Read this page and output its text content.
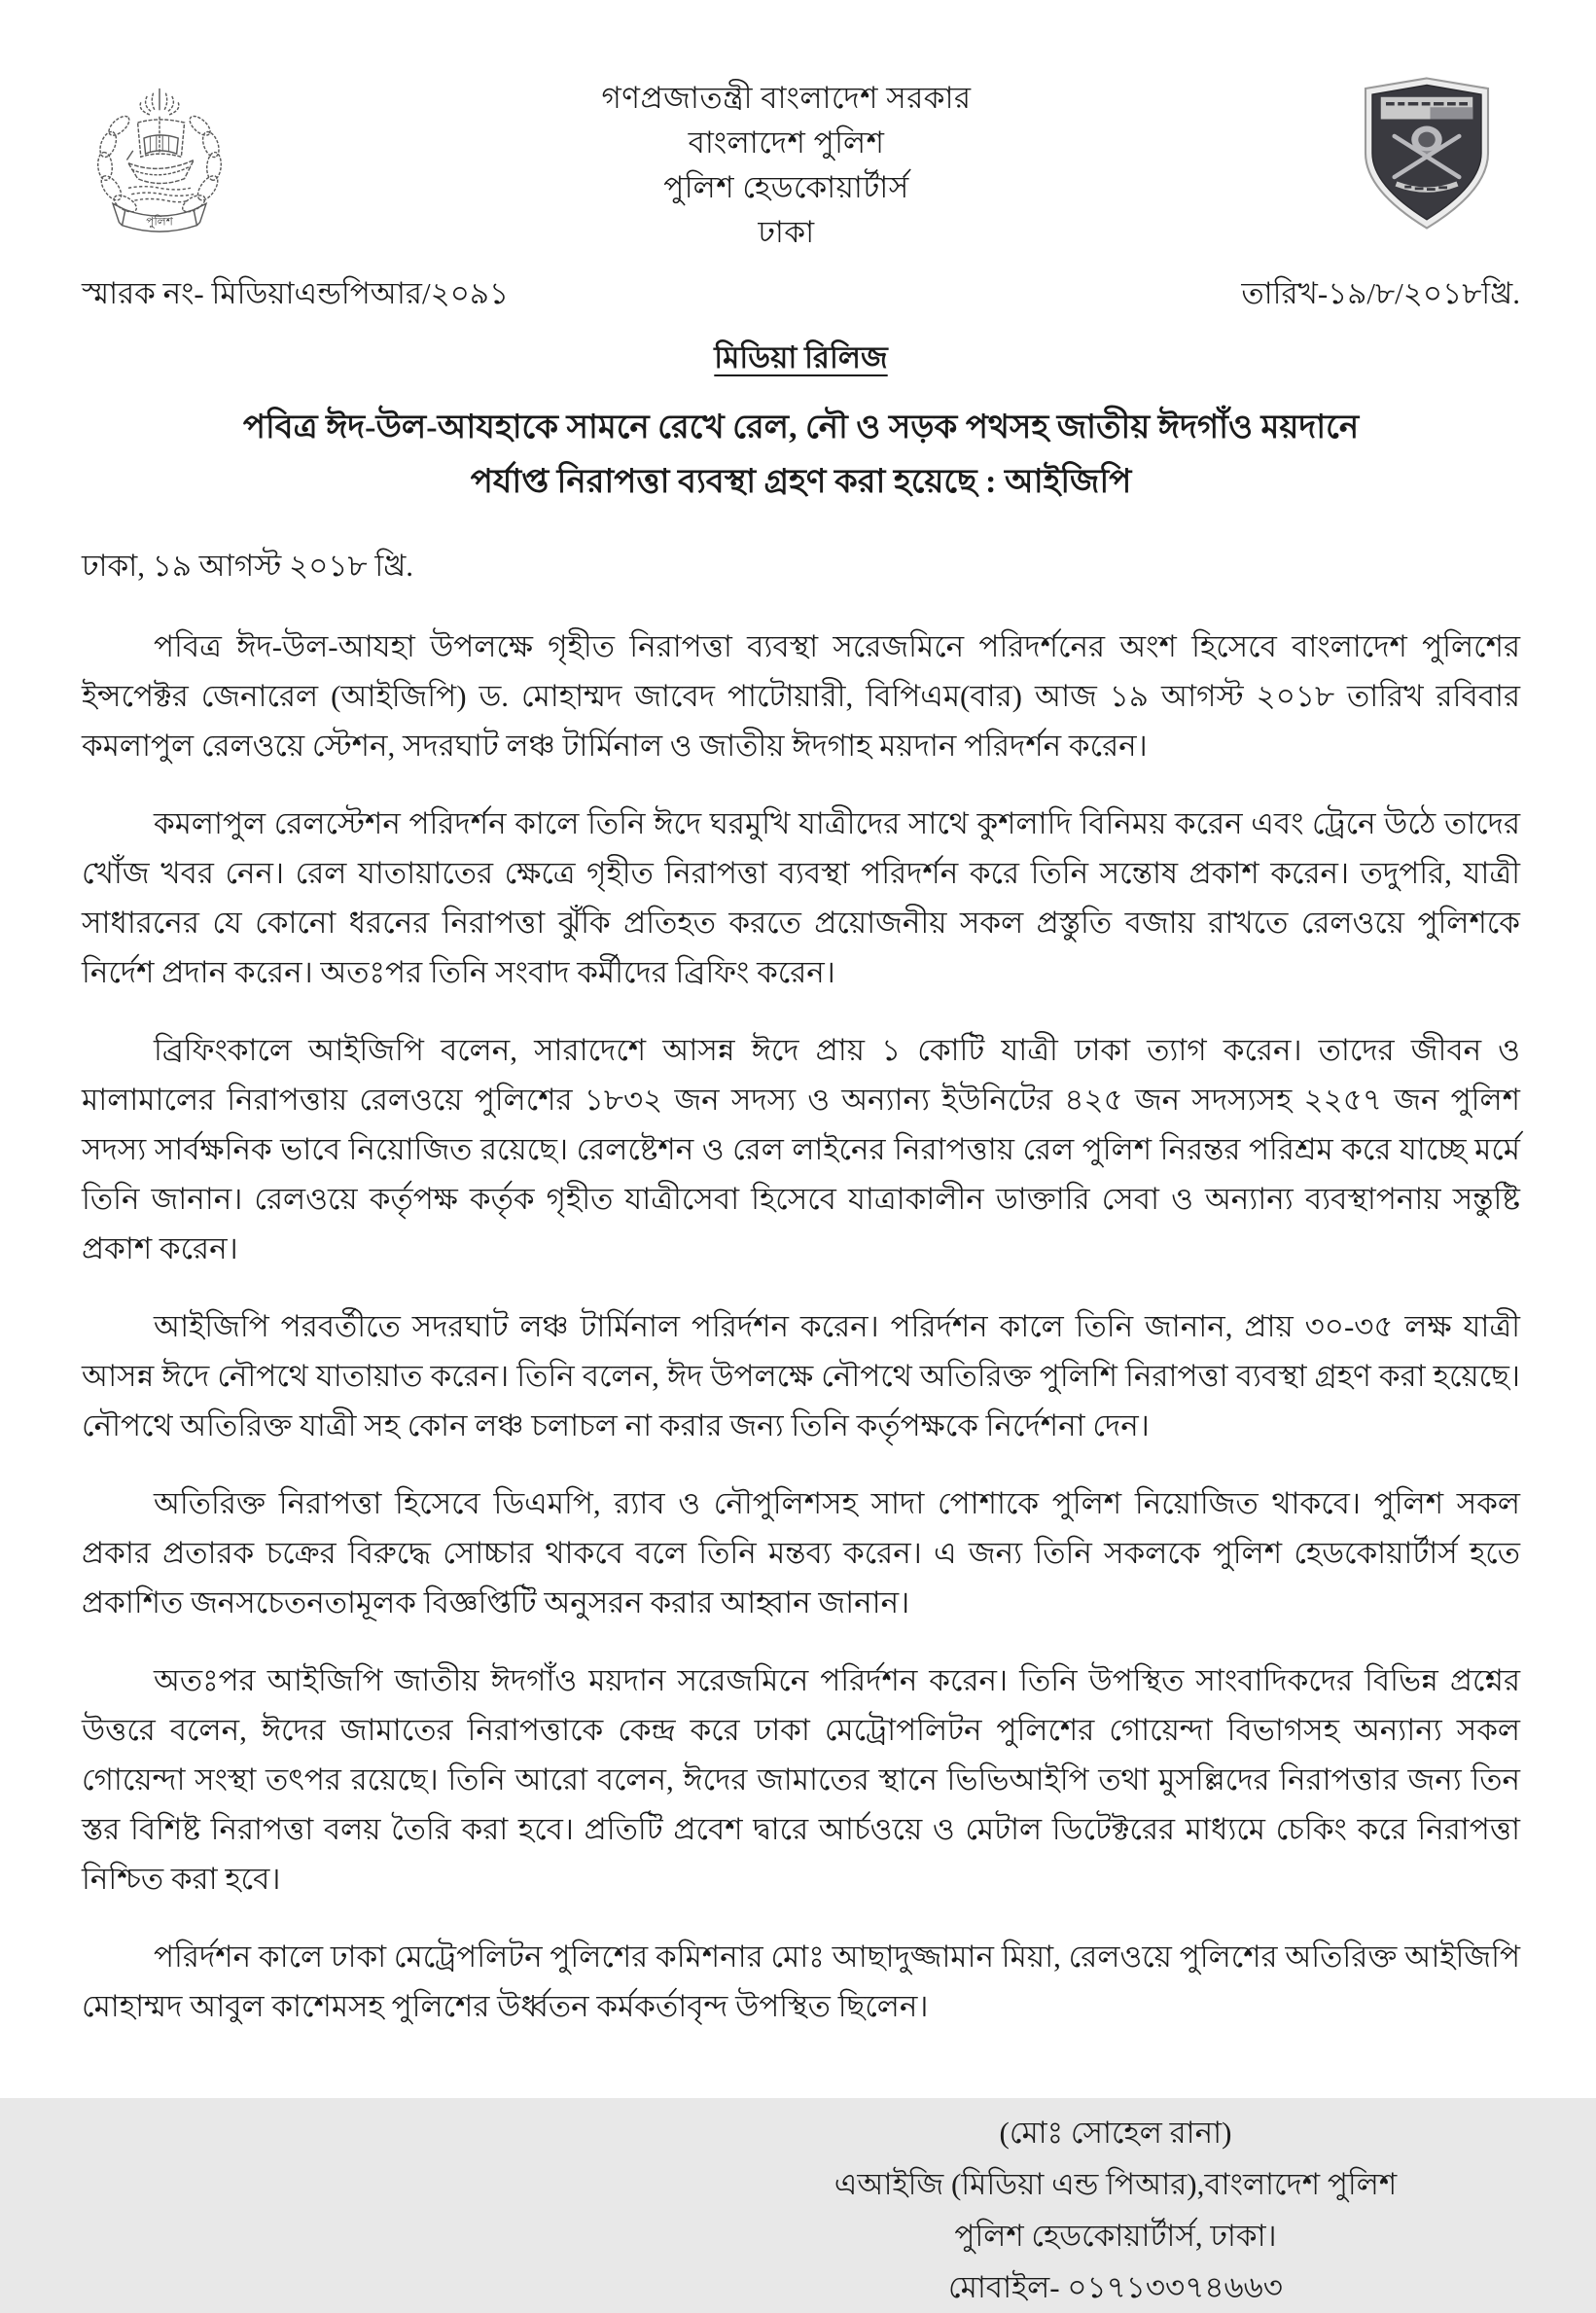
পুলিশ
গণপ্রজাতন্ত্রী বাংলাদেশ সরকার
বাংলাদেশ পুলিশ
পুলিশ হেডকোয়ার্টার্স
ঢাকা
স্মারক নং- মিডিয়াএন্ডপিআর/২০৯১	তারিখ-১৯/৮/২০১৮খ্রি.
মিডিয়া রিলিজ
পবিত্র ঈদ-উল-আযহাকে সামনে রেখে রেল, নৌ ও সড়ক পথসহ জাতীয় ঈদগাঁও ময়দানে
পর্যাপ্ত নিরাপত্তা ব্যবস্থা গ্রহণ করা হয়েছে : আইজিপি
ঢাকা, ১৯ আগস্ট ২০১৮ খ্রি.

পবিত্র ঈদ-উল-আযহা উপলক্ষে গৃহীত নিরাপত্তা ব্যবস্থা সরেজমিনে পরিদর্শনের অংশ হিসেবে বাংলাদেশ পুলিশের ইন্সপেক্টর জেনারেল (আইজিপি) ড. মোহাম্মদ জাবেদ পাটোয়ারী, বিপিএম(বার) আজ ১৯ আগস্ট ২০১৮ তারিখ রবিবার কমলাপুল রেলওয়ে স্টেশন, সদরঘাট লঞ্চ টার্মিনাল ও জাতীয় ঈদগাহ ময়দান পরিদর্শন করেন।

কমলাপুল রেলস্টেশন পরিদর্শন কালে তিনি ঈদে ঘরমুখি যাত্রীদের সাথে কুশলাদি বিনিময় করেন এবং ট্রেনে উঠে তাদের খোঁজ খবর নেন। রেল যাতায়াতের ক্ষেত্রে গৃহীত নিরাপত্তা ব্যবস্থা পরিদর্শন করে তিনি সন্তোষ প্রকাশ করেন। তদুপরি, যাত্রী সাধারনের যে কোনো ধরনের নিরাপত্তা ঝুঁকি প্রতিহত করতে প্রয়োজনীয় সকল প্রস্তুতি বজায় রাখতে রেলওয়ে পুলিশকে নির্দেশ প্রদান করেন। অতঃপর তিনি সংবাদ কর্মীদের ব্রিফিং করেন।

ব্রিফিংকালে আইজিপি বলেন, সারাদেশে আসন্ন ঈদে প্রায় ১ কোটি যাত্রী ঢাকা ত্যাগ করেন। তাদের জীবন ও মালামালের নিরাপত্তায় রেলওয়ে পুলিশের ১৮৩২ জন সদস্য ও অন্যান্য ইউনিটের ৪২৫ জন সদস্যসহ ২২৫৭ জন পুলিশ সদস্য সার্বক্ষনিক ভাবে নিয়োজিত রয়েছে। রেলষ্টেশন ও রেল লাইনের নিরাপত্তায় রেল পুলিশ নিরন্তর পরিশ্রম করে যাচ্ছে মর্মে তিনি জানান। রেলওয়ে কর্তৃপক্ষ কর্তৃক গৃহীত যাত্রীসেবা হিসেবে যাত্রাকালীন ডাক্তারি সেবা ও অন্যান্য ব্যবস্থাপনায় সন্তুষ্টি প্রকাশ করেন।

আইজিপি পরবর্তীতে সদরঘাট লঞ্চ টার্মিনাল পরির্দশন করেন। পরির্দশন কালে তিনি জানান, প্রায় ৩০-৩৫ লক্ষ যাত্রী আসন্ন ঈদে নৌপথে যাতায়াত করেন। তিনি বলেন, ঈদ উপলক্ষে নৌপথে অতিরিক্ত পুলিশি নিরাপত্তা ব্যবস্থা গ্রহণ করা হয়েছে। নৌপথে অতিরিক্ত যাত্রী সহ কোন লঞ্চ চলাচল না করার জন্য তিনি কর্তৃপক্ষকে নির্দেশনা দেন।

অতিরিক্ত নিরাপত্তা হিসেবে ডিএমপি, র‍্যাব ও নৌপুলিশসহ সাদা পোশাকে পুলিশ নিয়োজিত থাকবে। পুলিশ সকল প্রকার প্রতারক চক্রের বিরুদ্ধে সোচ্চার থাকবে বলে তিনি মন্তব্য করেন। এ জন্য তিনি সকলকে পুলিশ হেডকোয়ার্টার্স হতে প্রকাশিত জনসচেতনতামূলক বিজ্ঞপ্তিটি অনুসরন করার আহ্বান জানান।

অতঃপর আইজিপি জাতীয় ঈদগাঁও ময়দান সরেজমিনে পরির্দশন করেন। তিনি উপস্থিত সাংবাদিকদের বিভিন্ন প্রশ্নের উত্তরে বলেন, ঈদের জামাতের নিরাপত্তাকে কেন্দ্র করে ঢাকা মেট্রোপলিটন পুলিশের গোয়েন্দা বিভাগসহ অন্যান্য সকল গোয়েন্দা সংস্থা তৎপর রয়েছে। তিনি আরো বলেন, ঈদের জামাতের স্থানে ভিভিআইপি তথা মুসল্লিদের নিরাপত্তার জন্য তিন স্তর বিশিষ্ট নিরাপত্তা বলয় তৈরি করা হবে। প্রতিটি প্রবেশ দ্বারে আর্চওয়ে ও মেটাল ডিটেক্টরের মাধ্যমে চেকিং করে নিরাপত্তা নিশ্চিত করা হবে।

পরির্দশন কালে ঢাকা মেট্রেপলিটন পুলিশের কমিশনার মোঃ আছাদুজ্জামান মিয়া, রেলওয়ে পুলিশের অতিরিক্ত আইজিপি মোহাম্মদ আবুল কাশেমসহ পুলিশের উর্ধ্বতন কর্মকর্তাবৃন্দ উপস্থিত ছিলেন।

(মোঃ সোহেল রানা)
এআইজি (মিডিয়া এন্ড পিআর),বাংলাদেশ পুলিশ
পুলিশ হেডকোয়ার্টার্স, ঢাকা।
মোবাইল- ০১৭১৩৩৭৪৬৬৩
